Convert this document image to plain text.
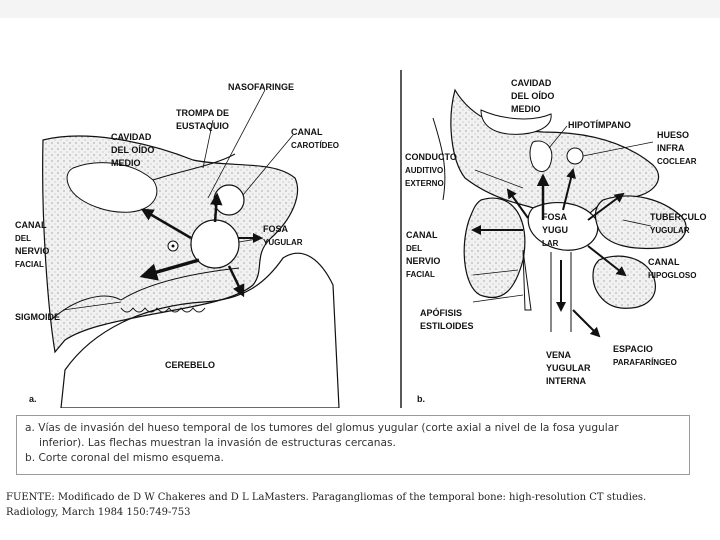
NASOFARINGE
TROMPA DE
EUSTAQUIO
CAVIDAD
DEL OÍDO
MEDIO
CANAL
CAROTÍDEO
CANAL
DEL
NERVIO
FACIAL
FOSA
YUGULAR
SIGMOIDE
CEREBELO
a.
CAVIDAD
DEL OÍDO
MEDIO
HIPOTÍMPANO
HUESO
INFRA
COCLEAR
CONDUCTO
AUDITIVO
EXTERNO
FOSA
YUGU
LAR
TUBERCULO
YUGULAR
CANAL
DEL
NERVIO
FACIAL
CANAL
HIPOGLOSO
APÓFISIS
ESTILOIDES
ESPACIO
PARAFARÍNGEO
VENA
YUGULAR
INTERNA
b.
a. Vías de invasión del hueso temporal de los tumores del glomus yugular (corte axial a nivel de la fosa yugular
inferior). Las flechas muestran la invasión de estructuras cercanas.
b. Corte coronal del mismo esquema.
FUENTE: Modificado de D W Chakeres and D L LaMasters. Paragangliomas of the temporal bone: high-resolution CT studies.
Radiology, March 1984 150:749-753
